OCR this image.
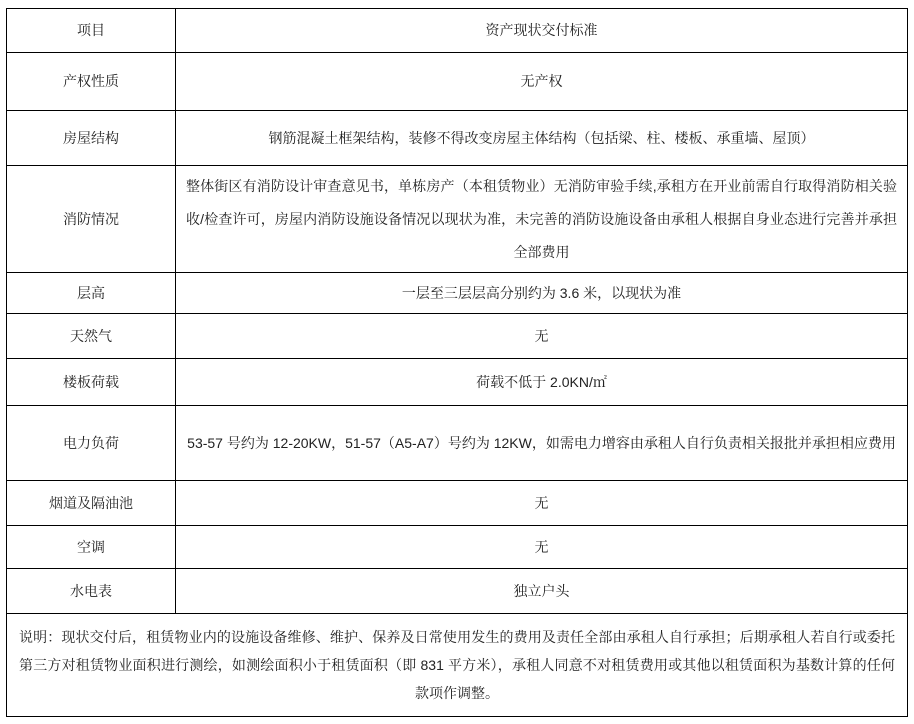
项目	资产现状交付标准
产权性质	无产权
房屋结构	钢筋混凝土框架结构，装修不得改变房屋主体结构（包括梁、柱、楼板、承重墙、屋顶）
消防情况	整体街区有消防设计审查意见书，单栋房产（本租赁物业）无消防审验手续,承租方在开业前需自行取得消防相关验收/检查许可，房屋内消防设施设备情况以现状为准，未完善的消防设施设备由承租人根据自身业态进行完善并承担全部费用
层高	一层至三层层高分别约为 3.6 米，以现状为准
天然气	无
楼板荷载	荷载不低于 2.0KN/㎡
电力负荷	53-57 号约为 12-20KW，51-57（A5-A7）号约为 12KW，如需电力增容由承租人自行负责相关报批并承担相应费用
烟道及隔油池	无
空调	无
水电表	独立户头
说明：现状交付后，租赁物业内的设施设备维修、维护、保养及日常使用发生的费用及责任全部由承租人自行承担；后期承租人若自行或委托第三方对租赁物业面积进行测绘，如测绘面积小于租赁面积（即 831 平方米），承租人同意不对租赁费用或其他以租赁面积为基数计算的任何款项作调整。	
